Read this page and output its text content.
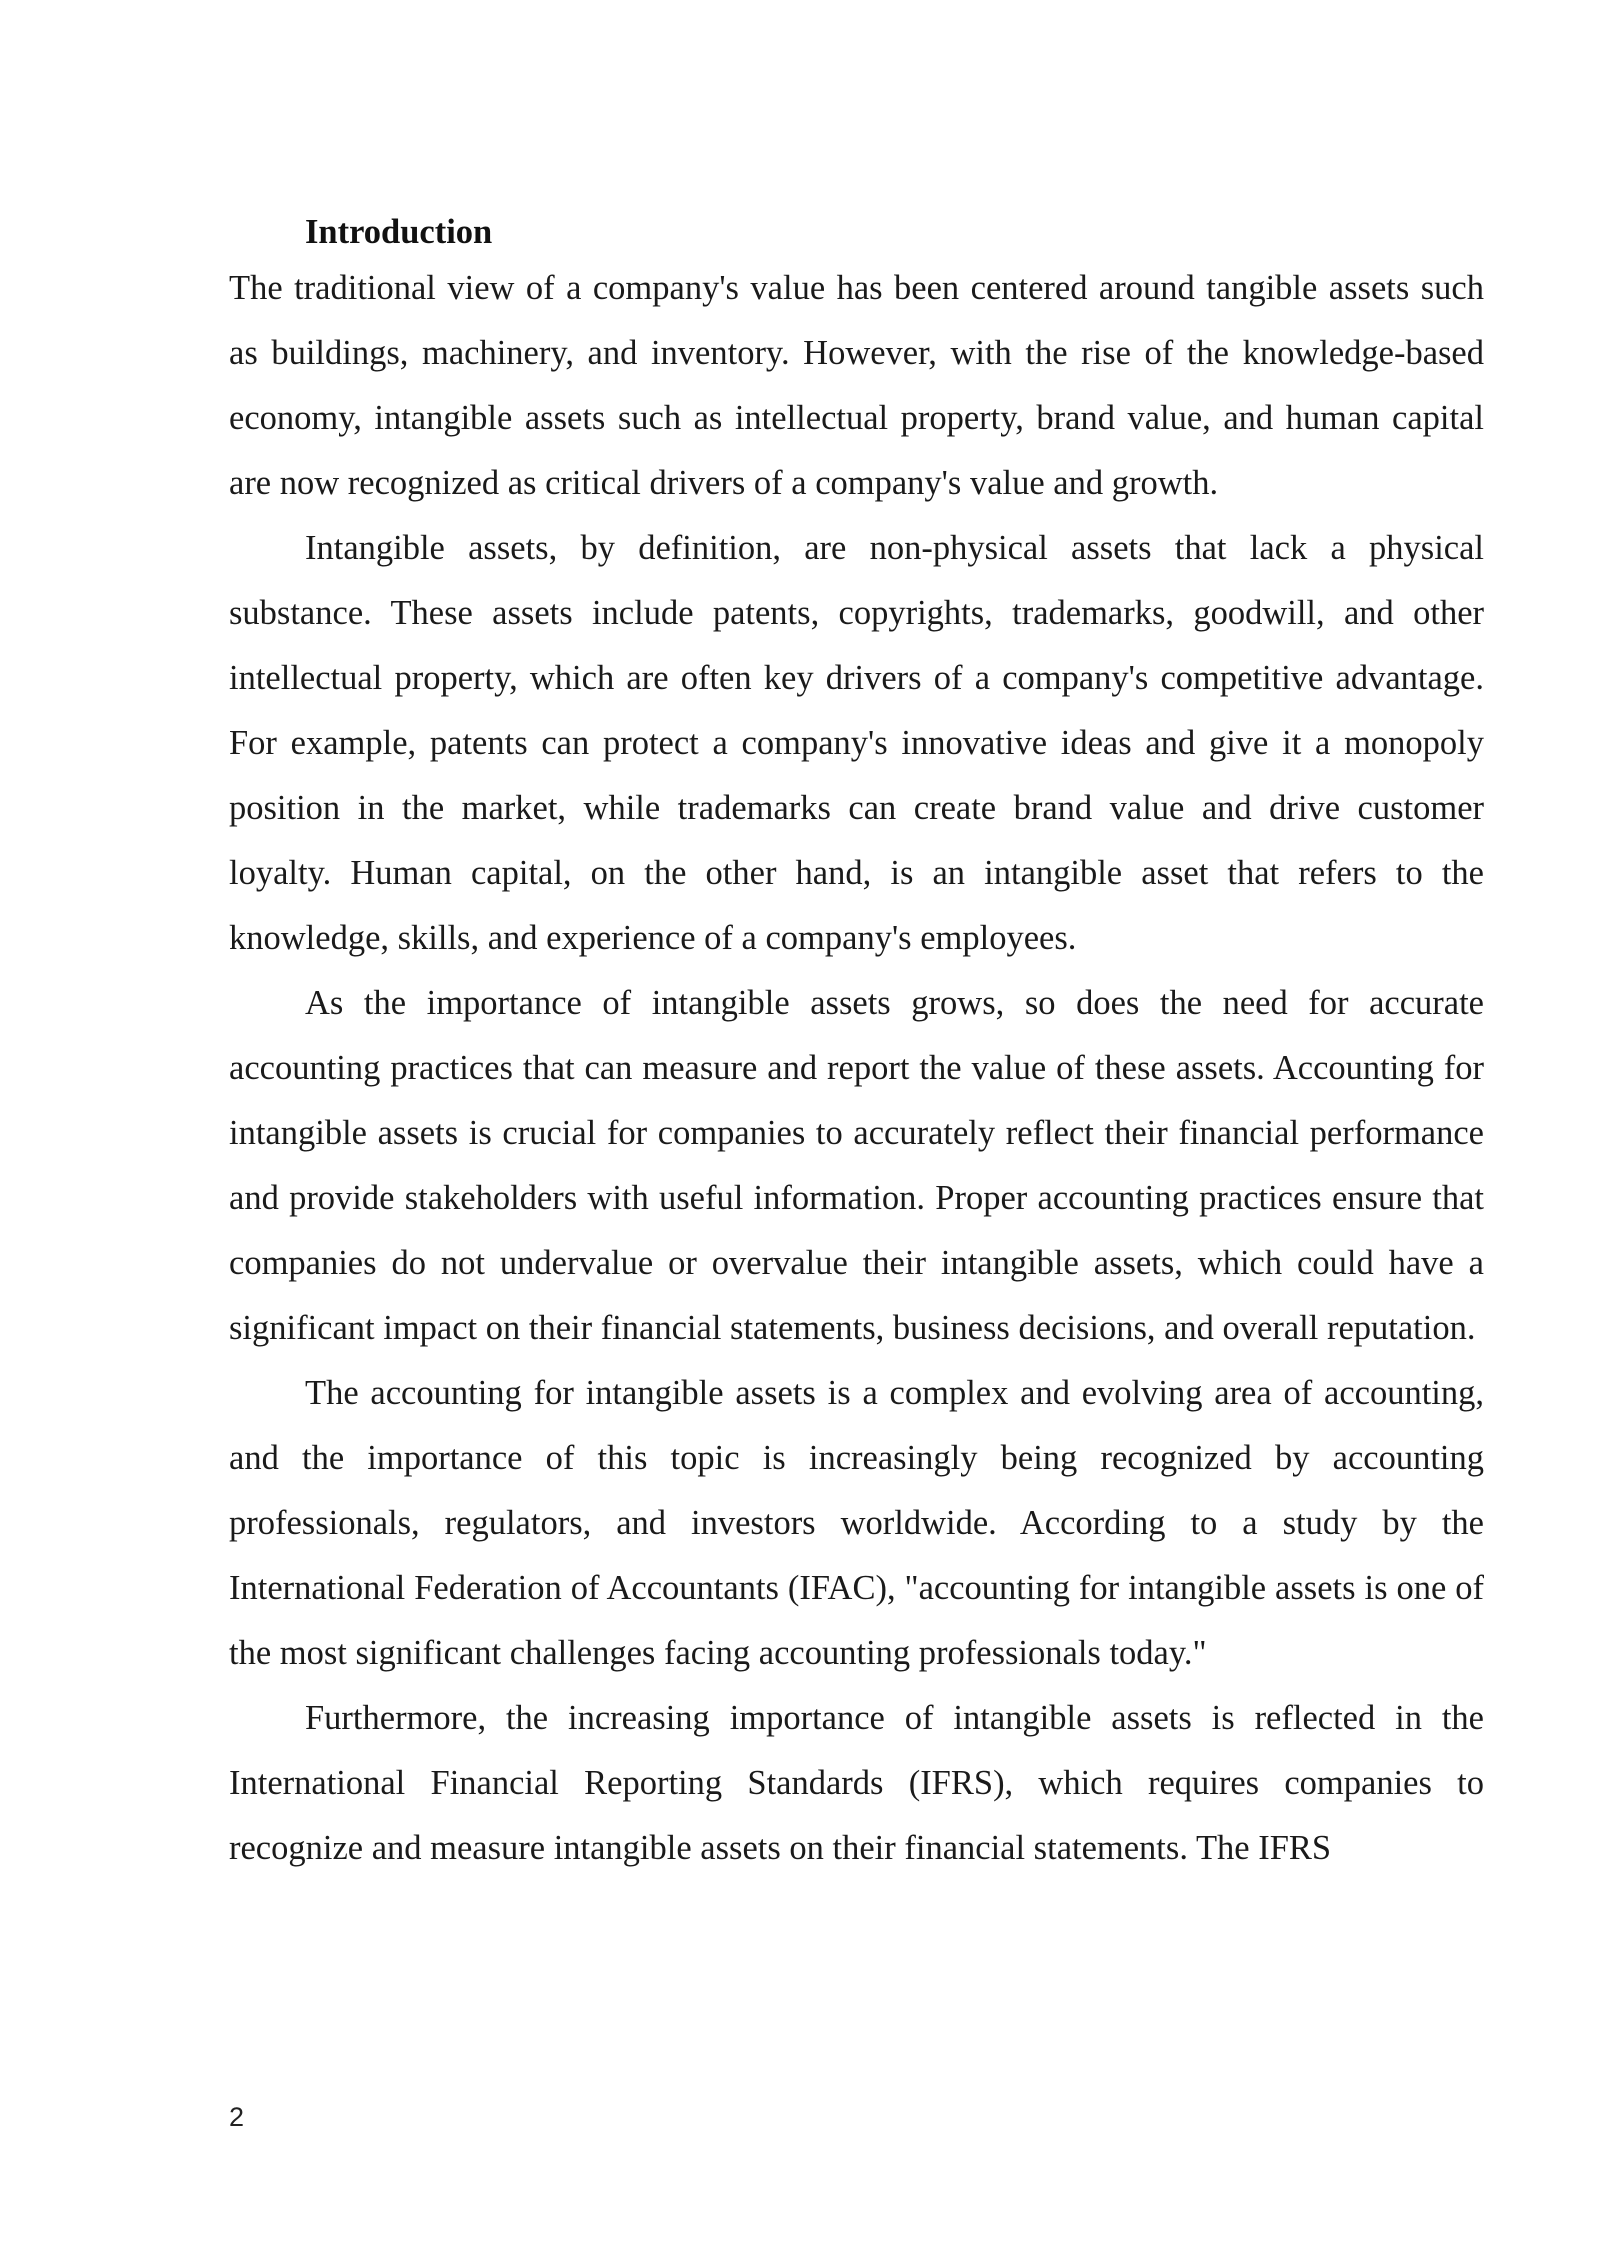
Introduction

The traditional view of a company's value has been centered around tangible assets such as buildings, machinery, and inventory. However, with the rise of the knowledge-based economy, intangible assets such as intellectual property, brand value, and human capital are now recognized as critical drivers of a company's value and growth.

Intangible assets, by definition, are non-physical assets that lack a physical substance. These assets include patents, copyrights, trademarks, goodwill, and other intellectual property, which are often key drivers of a company's competitive advantage. For example, patents can protect a company's innovative ideas and give it a monopoly position in the market, while trademarks can create brand value and drive customer loyalty. Human capital, on the other hand, is an intangible asset that refers to the knowledge, skills, and experience of a company's employees.

As the importance of intangible assets grows, so does the need for accurate accounting practices that can measure and report the value of these assets. Accounting for intangible assets is crucial for companies to accurately reflect their financial performance and provide stakeholders with useful information. Proper accounting practices ensure that companies do not undervalue or overvalue their intangible assets, which could have a significant impact on their financial statements, business decisions, and overall reputation.

The accounting for intangible assets is a complex and evolving area of accounting, and the importance of this topic is increasingly being recognized by accounting professionals, regulators, and investors worldwide. According to a study by the International Federation of Accountants (IFAC), "accounting for intangible assets is one of the most significant challenges facing accounting professionals today."

Furthermore, the increasing importance of intangible assets is reflected in the International Financial Reporting Standards (IFRS), which requires companies to recognize and measure intangible assets on their financial statements. The IFRS

2
